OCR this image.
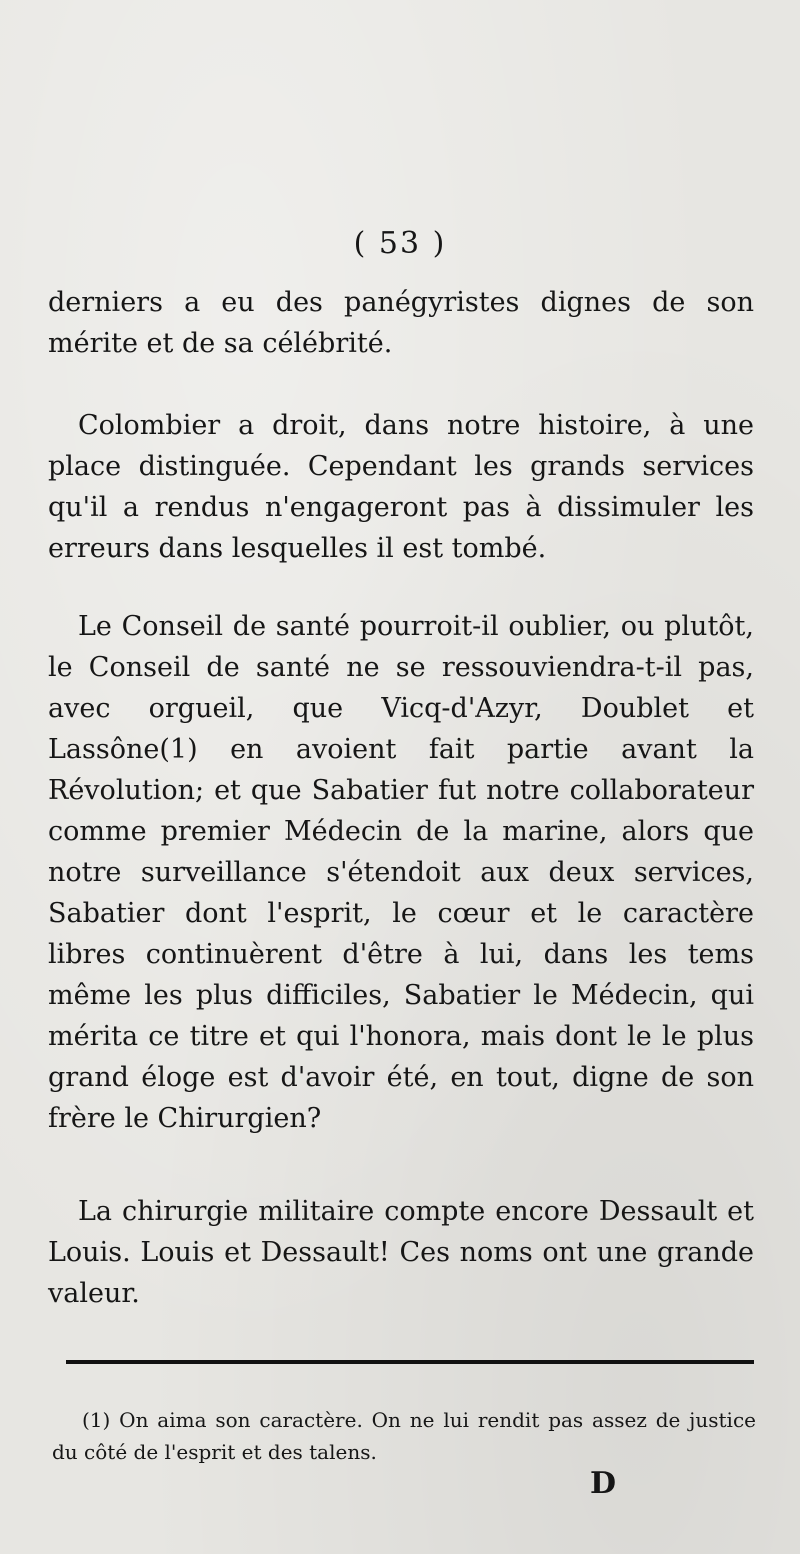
( 53 )

derniers a eu des panégyristes dignes de son mérite et de sa célébrité.

Colombier a droit, dans notre histoire, à une place distinguée. Cependant les grands services qu'il a rendus n'engageront pas à dissimuler les erreurs dans lesquelles il est tombé.

Le Conseil de santé pourroit-il oublier, ou plutôt, le Conseil de santé ne se ressouviendra-t-il pas, avec orgueil, que Vicq-d'Azyr, Doublet et Lassône(1) en avoient fait partie avant la Révolution; et que Sabatier fut notre collaborateur comme premier Médecin de la marine, alors que notre surveillance s'étendoit aux deux services, Sabatier dont l'esprit, le cœur et le caractère libres continuèrent d'être à lui, dans les tems même les plus difficiles, Sabatier le Médecin, qui mérita ce titre et qui l'honora, mais dont le le plus grand éloge est d'avoir été, en tout, digne de son frère le Chirurgien?

La chirurgie militaire compte encore Dessault et Louis. Louis et Dessault! Ces noms ont une grande valeur.

(1) On aima son caractère. On ne lui rendit pas assez de justice du côté de l'esprit et des talens.

D
